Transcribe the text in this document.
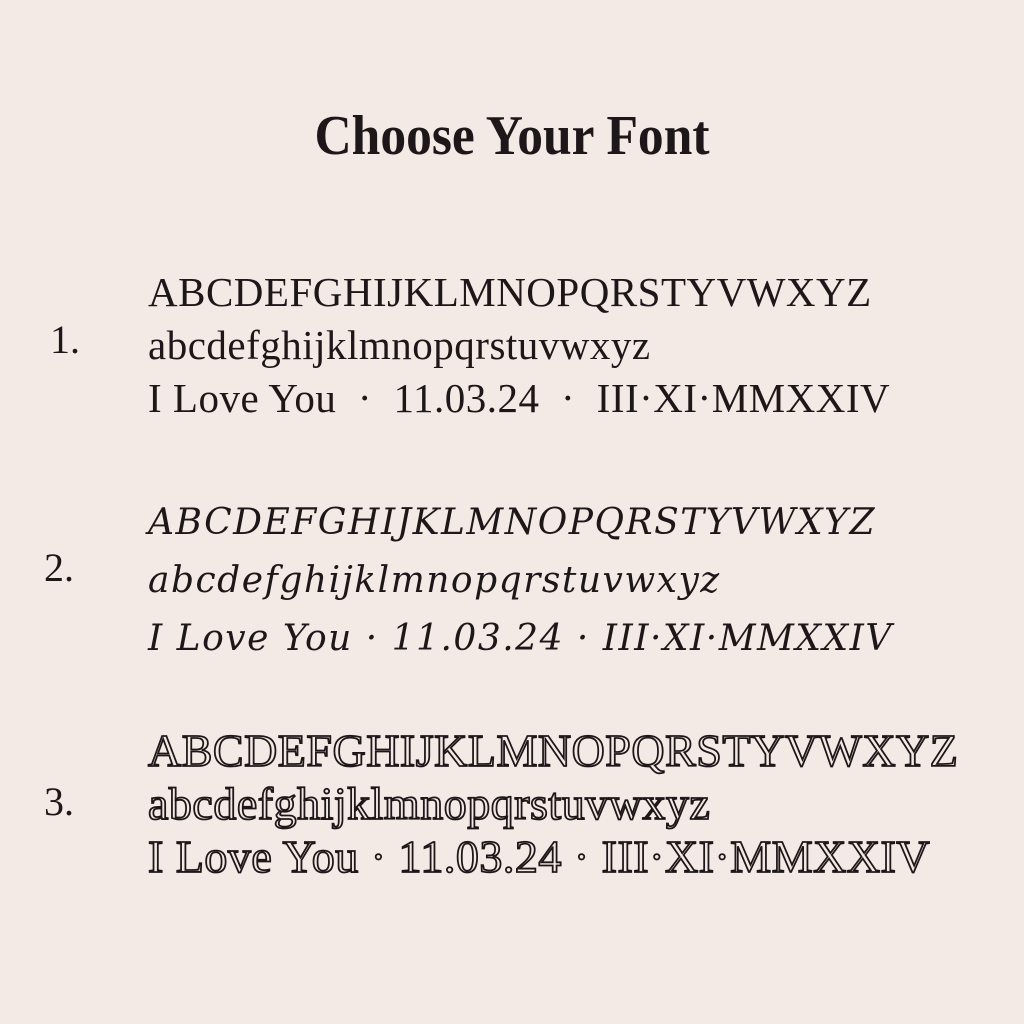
Choose Your Font
1.
ABCDEFGHIJKLMNOPQRSTYVWXYZ
abcdefghijklmnopqrstuvwxyz
I Love You  ·  11.03.24  ·  III·XI·MMXXIV
2.
ABCDEFGHIJKLMNOPQRSTYVWXYZ
abcdefghijklmnopqrstuvwxyz
I Love You · 11.03.24 · III·XI·MMXXIV
3.
ABCDEFGHIJKLMNOPQRSTYVWXYZ
abcdefghijklmnopqrstuvwxyz
I Love You · 11.03.24 · III·XI·MMXXIV
